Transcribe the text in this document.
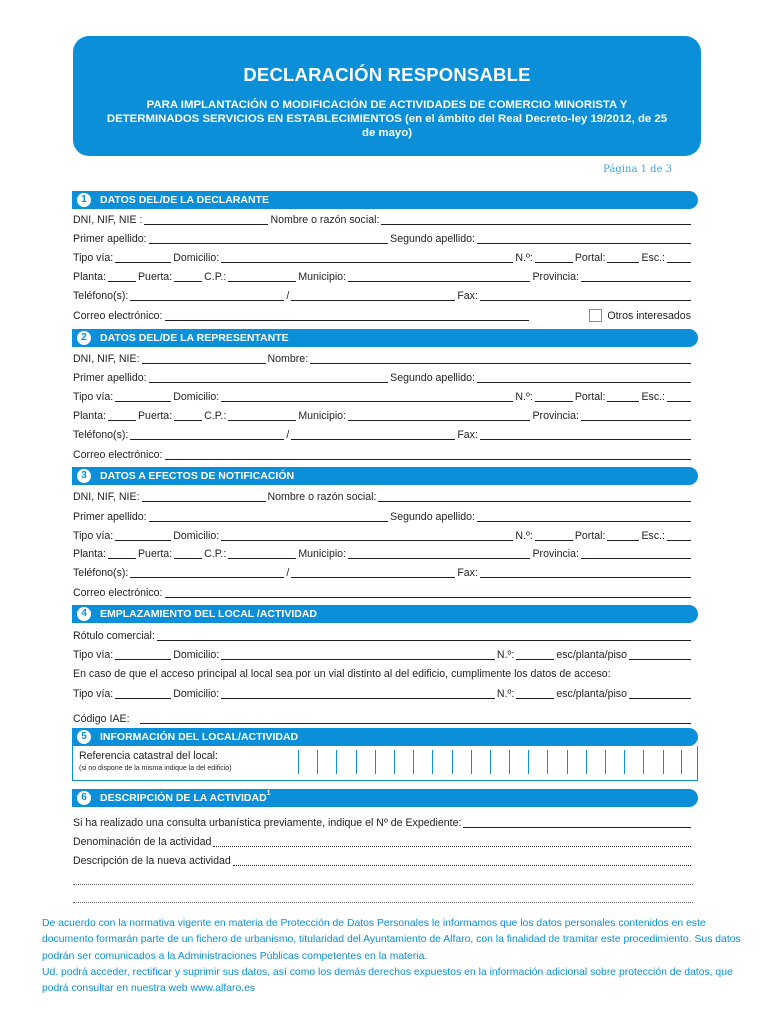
DECLARACIÓN RESPONSABLE

PARA IMPLANTACIÓN O MODIFICACIÓN DE ACTIVIDADES DE COMERCIO MINORISTA Y DETERMINADOS SERVICIOS EN ESTABLECIMIENTOS (en el ámbito del Real Decreto-ley 19/2012, de 25 de mayo)

Página 1 de 3
1	DATOS DEL/DE LA DECLARANTE
DNI, NIF, NIE :	Nombre o razón social:
Primer apellido:	Segundo apellido:
Tipo vía:	Domicilio:	N.º:	Portal:	Esc.:
Planta:	Puerta:	C.P.:	Municipio:	Provincia:
Teléfono(s):	/	Fax:
Correo electrónico:	Otros interesados
2	DATOS DEL/DE LA REPRESENTANTE
DNI, NIF, NIE:	Nombre:
Primer apellido:	Segundo apellido:
Tipo vía:	Domicilio:	N.º:	Portal:	Esc.:
Planta:	Puerta:	C.P.:	Municipio:	Provincia:
Teléfono(s):	/	Fax:
Correo electrónico:
3	DATOS A EFECTOS DE NOTIFICACIÓN
DNI, NIF, NIE:	Nombre o razón social:
Primer apellido:	Segundo apellido:
Tipo vía:	Domicilio:	N.º:	Portal:	Esc.:
Planta:	Puerta:	C.P.:	Municipio:	Provincia:
Teléfono(s):	/	Fax:
Correo electrónico:
4	EMPLAZAMIENTO DEL LOCAL /ACTIVIDAD
Rótulo comercial:
Tipo vía:	Domicilio:	N.º:	esc/planta/piso
En caso de que el acceso principal al local sea por un vial distinto al del edificio, cumplimente los datos de acceso:
Tipo vía:	Domicilio:	N.º:	esc/planta/piso
Código IAE:
5	INFORMACIÓN DEL LOCAL/ACTIVIDAD
Referencia catastral del local:
(si no dispone de la misma indique la del edificio)
6	DESCRIPCIÓN DE LA ACTIVIDAD$^1$
Si ha realizado una consulta urbanística previamente, indique el Nº de Expediente:
Denominación de la actividad
Descripción de la nueva actividad

De acuerdo con la normativa vigente en materia de Protección de Datos Personales le informamos que los datos personales contenidos en este documento formarán parte de un fichero de urbanismo, titularidad del Ayuntamiento de Alfaro, con la finalidad de tramitar este procedimiento. Sus datos podrán ser comunicados a la Administraciones Públicas competentes en la materia.

Ud. podrá acceder, rectificar y suprimir sus datos, así como los demás derechos expuestos en la información adicional sobre protección de datos, que podrá consultar en nuestra web www.alfaro.es
